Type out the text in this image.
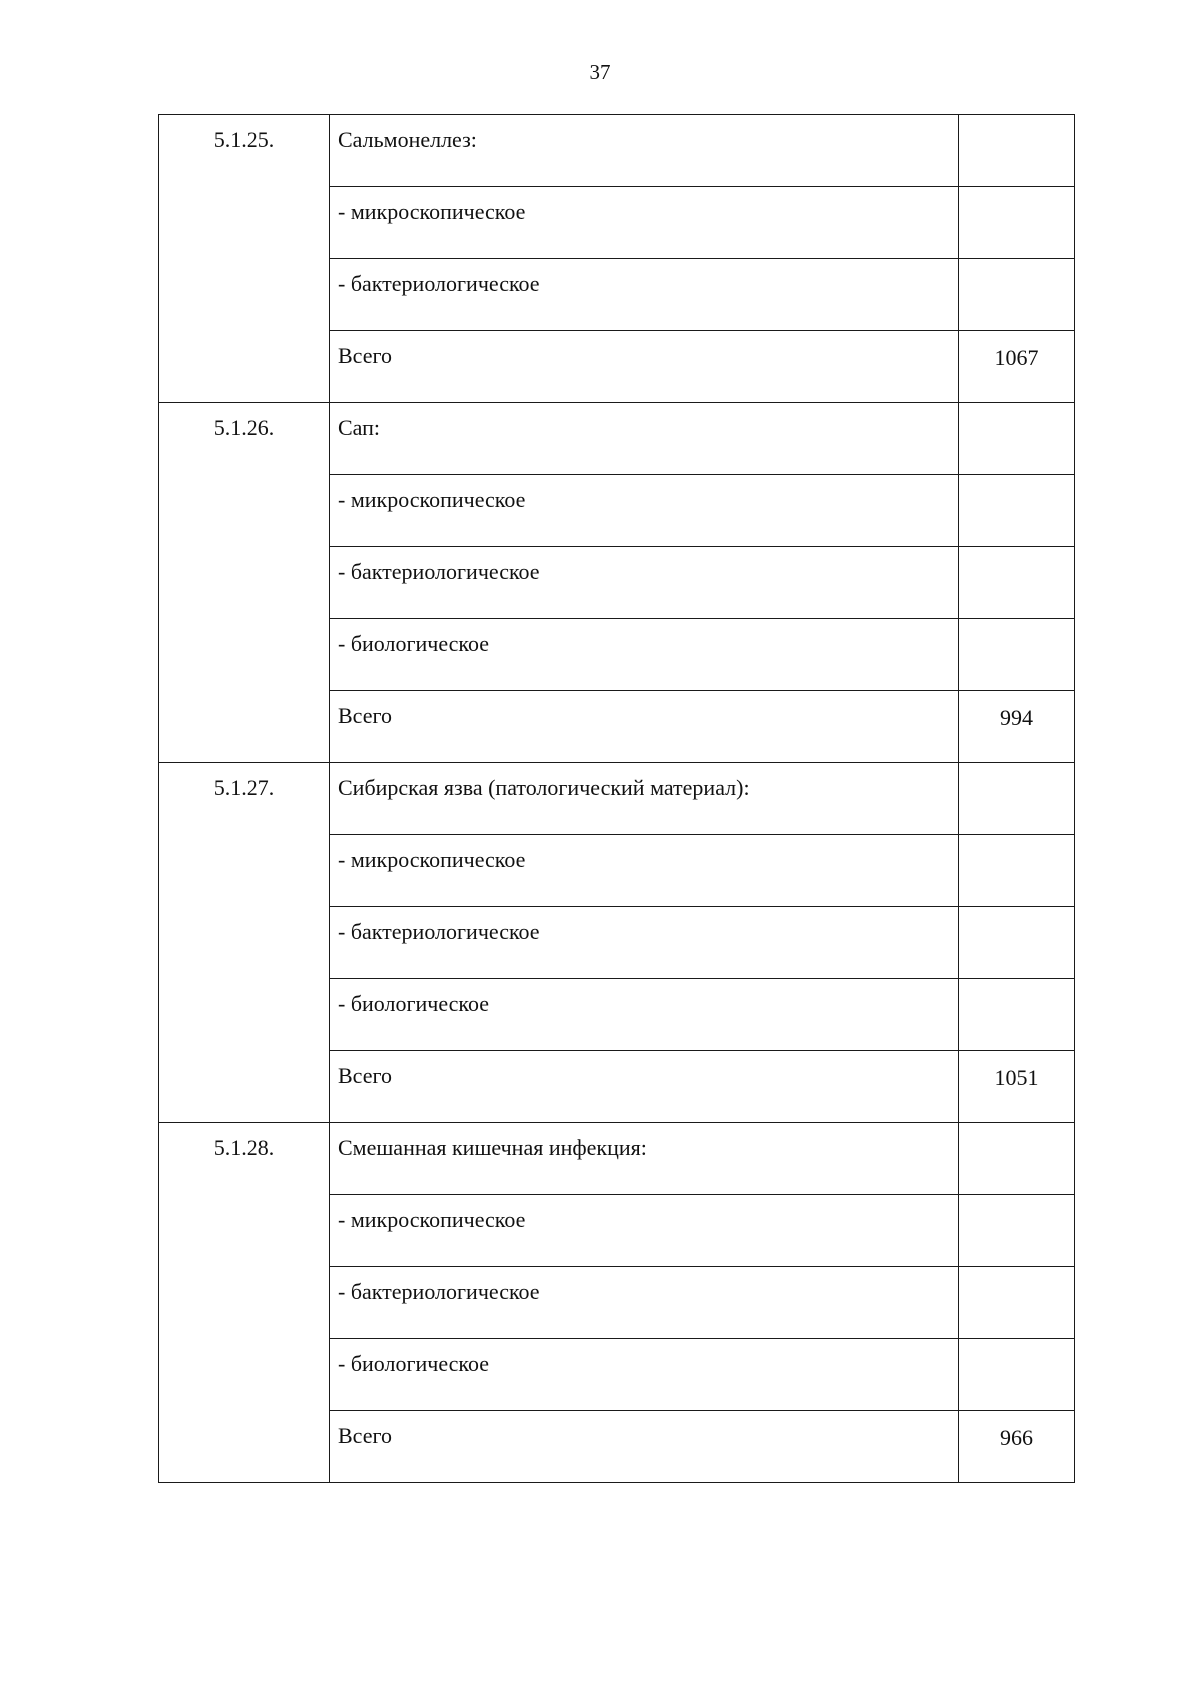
37
5.1.25.	Сальмонеллез:	
	- микроскопическое	
	- бактериологическое	
	Всего	1067
5.1.26.	Сап:	
	- микроскопическое	
	- бактериологическое	
	- биологическое	
	Всего	994
5.1.27.	Сибирская язва (патологический материал):	
	- микроскопическое	
	- бактериологическое	
	- биологическое	
	Всего	1051
5.1.28.	Смешанная кишечная инфекция:	
	- микроскопическое	
	- бактериологическое	
	- биологическое	
	Всего	966
